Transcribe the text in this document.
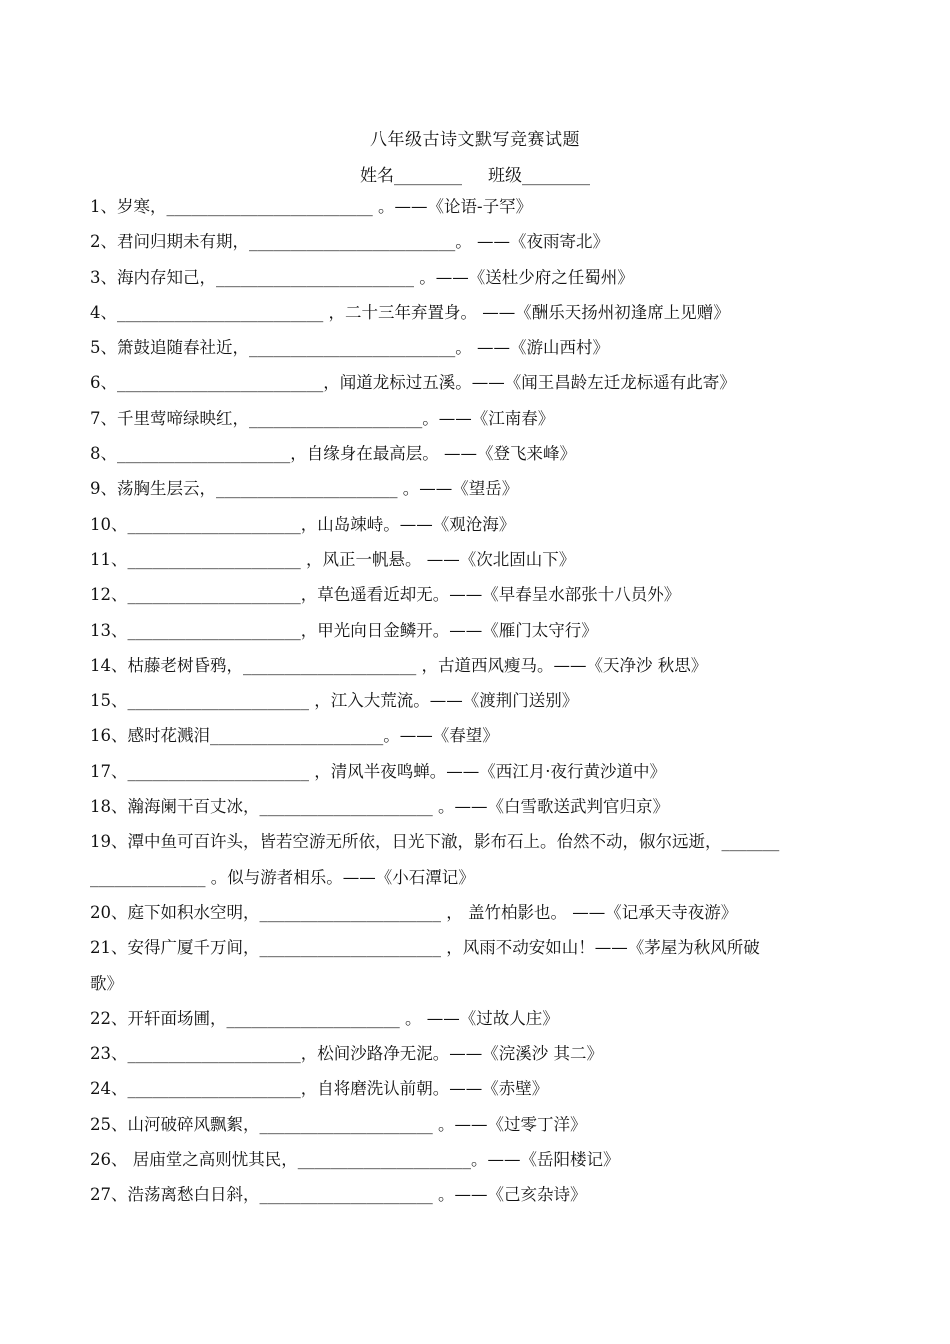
八年级古诗文默写竞赛试题
姓名________ 班级________
1、岁寒，_________________________ 。——《论语-子罕》
2、君问归期未有期，_________________________。 ——《夜雨寄北》
3、海内存知己，________________________ 。——《送杜少府之任蜀州》
4、_________________________ ，二十三年弃置身。 ——《酬乐天扬州初逢席上见赠》
5、箫鼓追随春社近，_________________________。 ——《游山西村》
6、_________________________，闻道龙标过五溪。——《闻王昌龄左迁龙标遥有此寄》
7、千里莺啼绿映红，_____________________。——《江南春》
8、_____________________，自缘身在最高层。 ——《登飞来峰》
9、荡胸生层云，______________________ 。——《望岳》
10、_____________________，山岛竦峙。——《观沧海》
11、_____________________ ，风正一帆悬。 ——《次北固山下》
12、_____________________，草色遥看近却无。——《早春呈水部张十八员外》
13、_____________________，甲光向日金鳞开。——《雁门太守行》
14、枯藤老树昏鸦，_____________________ ，古道西风瘦马。——《天净沙 秋思》
15、______________________ ，江入大荒流。——《渡荆门送别》
16、感时花溅泪_____________________。——《春望》
17、______________________ ，清风半夜鸣蝉。——《西江月·夜行黄沙道中》
18、瀚海阑干百丈冰，_____________________ 。——《白雪歌送武判官归京》
19、潭中鱼可百许头，皆若空游无所依，日光下澈，影布石上。佁然不动，俶尔远逝，_______
______________ 。似与游者相乐。——《小石潭记》
20、庭下如积水空明，______________________ ， 盖竹柏影也。 ——《记承天寺夜游》
21、安得广厦千万间，______________________ ，风雨不动安如山！——《茅屋为秋风所破
歌》
22、开轩面场圃，_____________________ 。 ——《过故人庄》
23、_____________________，松间沙路净无泥。——《浣溪沙 其二》
24、_____________________，自将磨洗认前朝。——《赤壁》
25、山河破碎风飘絮，_____________________ 。——《过零丁洋》
26、 居庙堂之高则忧其民，_____________________。——《岳阳楼记》
27、浩荡离愁白日斜，_____________________ 。——《己亥杂诗》
